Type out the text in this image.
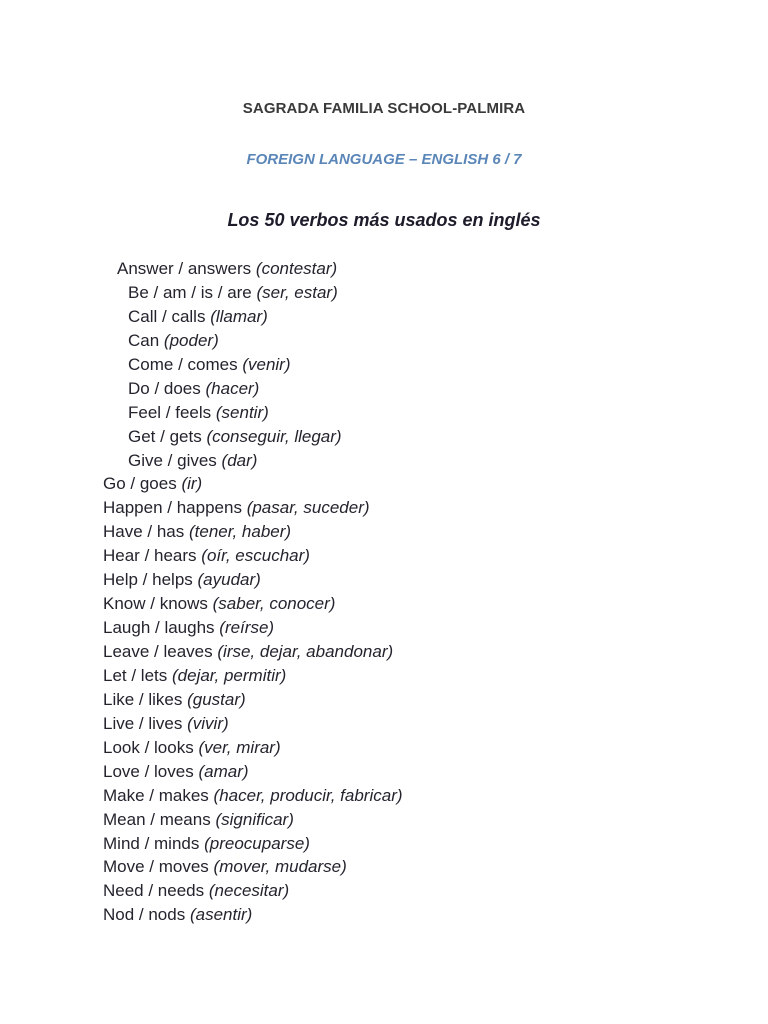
SAGRADA FAMILIA SCHOOL-PALMIRA
FOREIGN LANGUAGE – ENGLISH 6 / 7
Los 50 verbos más usados en inglés
Answer / answers (contestar)
Be / am / is / are (ser, estar)
Call / calls (llamar)
Can (poder)
Come / comes (venir)
Do / does (hacer)
Feel / feels (sentir)
Get / gets (conseguir, llegar)
Give / gives (dar)
Go / goes (ir)
Happen / happens (pasar, suceder)
Have / has (tener, haber)
Hear / hears (oír, escuchar)
Help / helps (ayudar)
Know / knows (saber, conocer)
Laugh / laughs (reírse)
Leave / leaves (irse, dejar, abandonar)
Let / lets (dejar, permitir)
Like / likes (gustar)
Live / lives (vivir)
Look / looks (ver, mirar)
Love / loves (amar)
Make / makes (hacer, producir, fabricar)
Mean / means (significar)
Mind / minds (preocuparse)
Move / moves (mover, mudarse)
Need / needs (necesitar)
Nod / nods (asentir)
